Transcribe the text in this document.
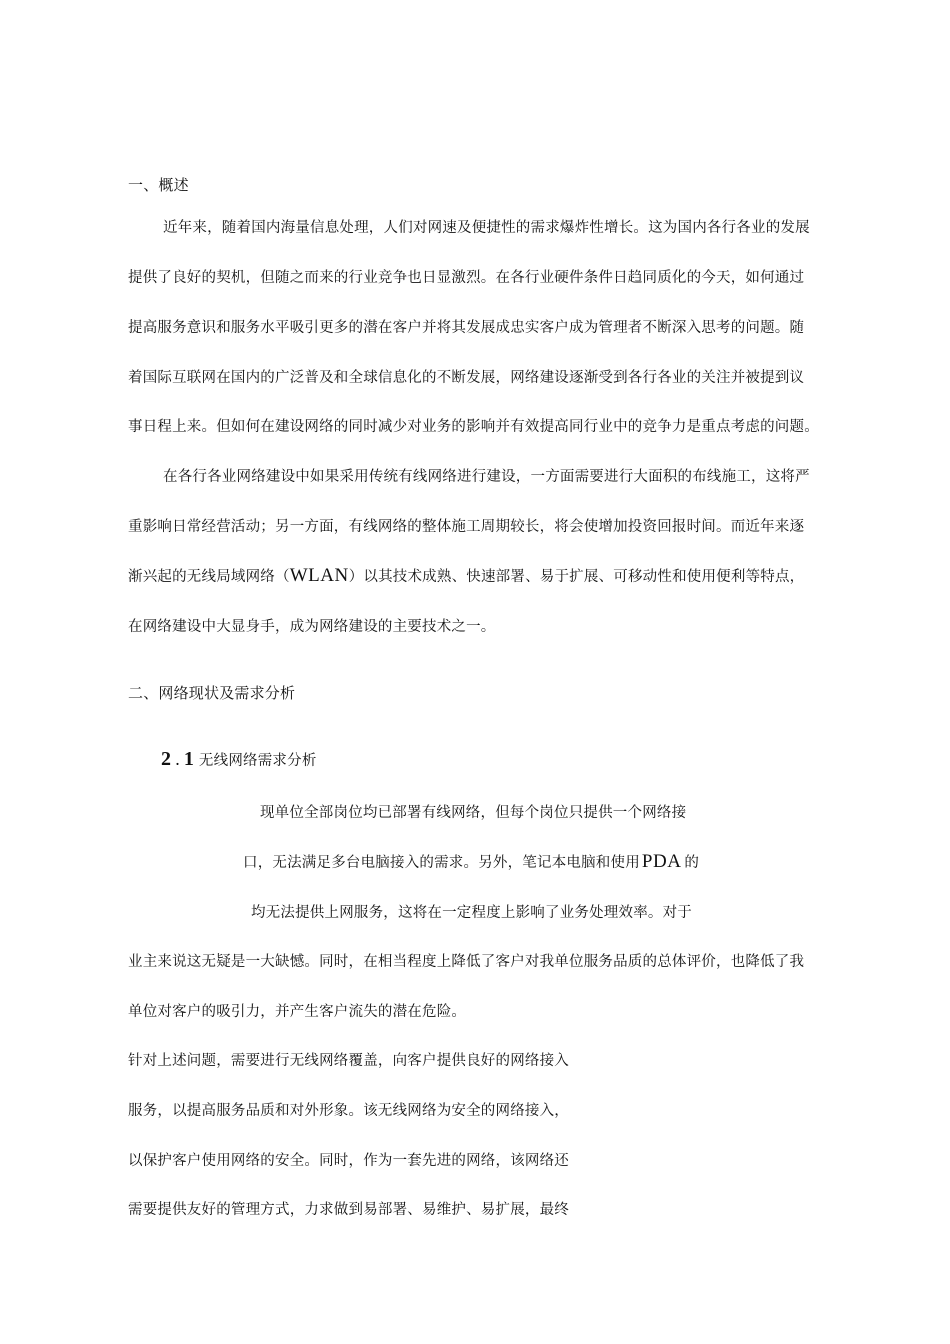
一、概述
近年来，随着国内海量信息处理，人们对网速及便捷性的需求爆炸性增长。这为国内各行各业的发展
提供了良好的契机，但随之而来的行业竞争也日显激烈。在各行业硬件条件日趋同质化的今天，如何通过
提高服务意识和服务水平吸引更多的潜在客户并将其发展成忠实客户成为管理者不断深入思考的问题。随
着国际互联网在国内的广泛普及和全球信息化的不断发展，网络建设逐渐受到各行各业的关注并被提到议
事日程上来。但如何在建设网络的同时减少对业务的影响并有效提高同行业中的竞争力是重点考虑的问题。
在各行各业网络建设中如果采用传统有线网络进行建设，一方面需要进行大面积的布线施工，这将严
重影响日常经营活动；另一方面，有线网络的整体施工周期较长，将会使增加投资回报时间。而近年来逐
渐兴起的无线局域网络（WLAN）以其技术成熟、快速部署、易于扩展、可移动性和使用便利等特点，
在网络建设中大显身手，成为网络建设的主要技术之一。
二、网络现状及需求分析
2 . 1 无线网络需求分析
现单位全部岗位均已部署有线网络，但每个岗位只提供一个网络接
口，无法满足多台电脑接入的需求。另外，笔记本电脑和使用 PDA 的
均无法提供上网服务，这将在一定程度上影响了业务处理效率。对于
业主来说这无疑是一大缺憾。同时，在相当程度上降低了客户对我单位服务品质的总体评价，也降低了我
单位对客户的吸引力，并产生客户流失的潜在危险。
针对上述问题，需要进行无线网络覆盖，向客户提供良好的网络接入
服务，以提高服务品质和对外形象。该无线网络为安全的网络接入，
以保护客户使用网络的安全。同时，作为一套先进的网络，该网络还
需要提供友好的管理方式，力求做到易部署、易维护、易扩展，最终
